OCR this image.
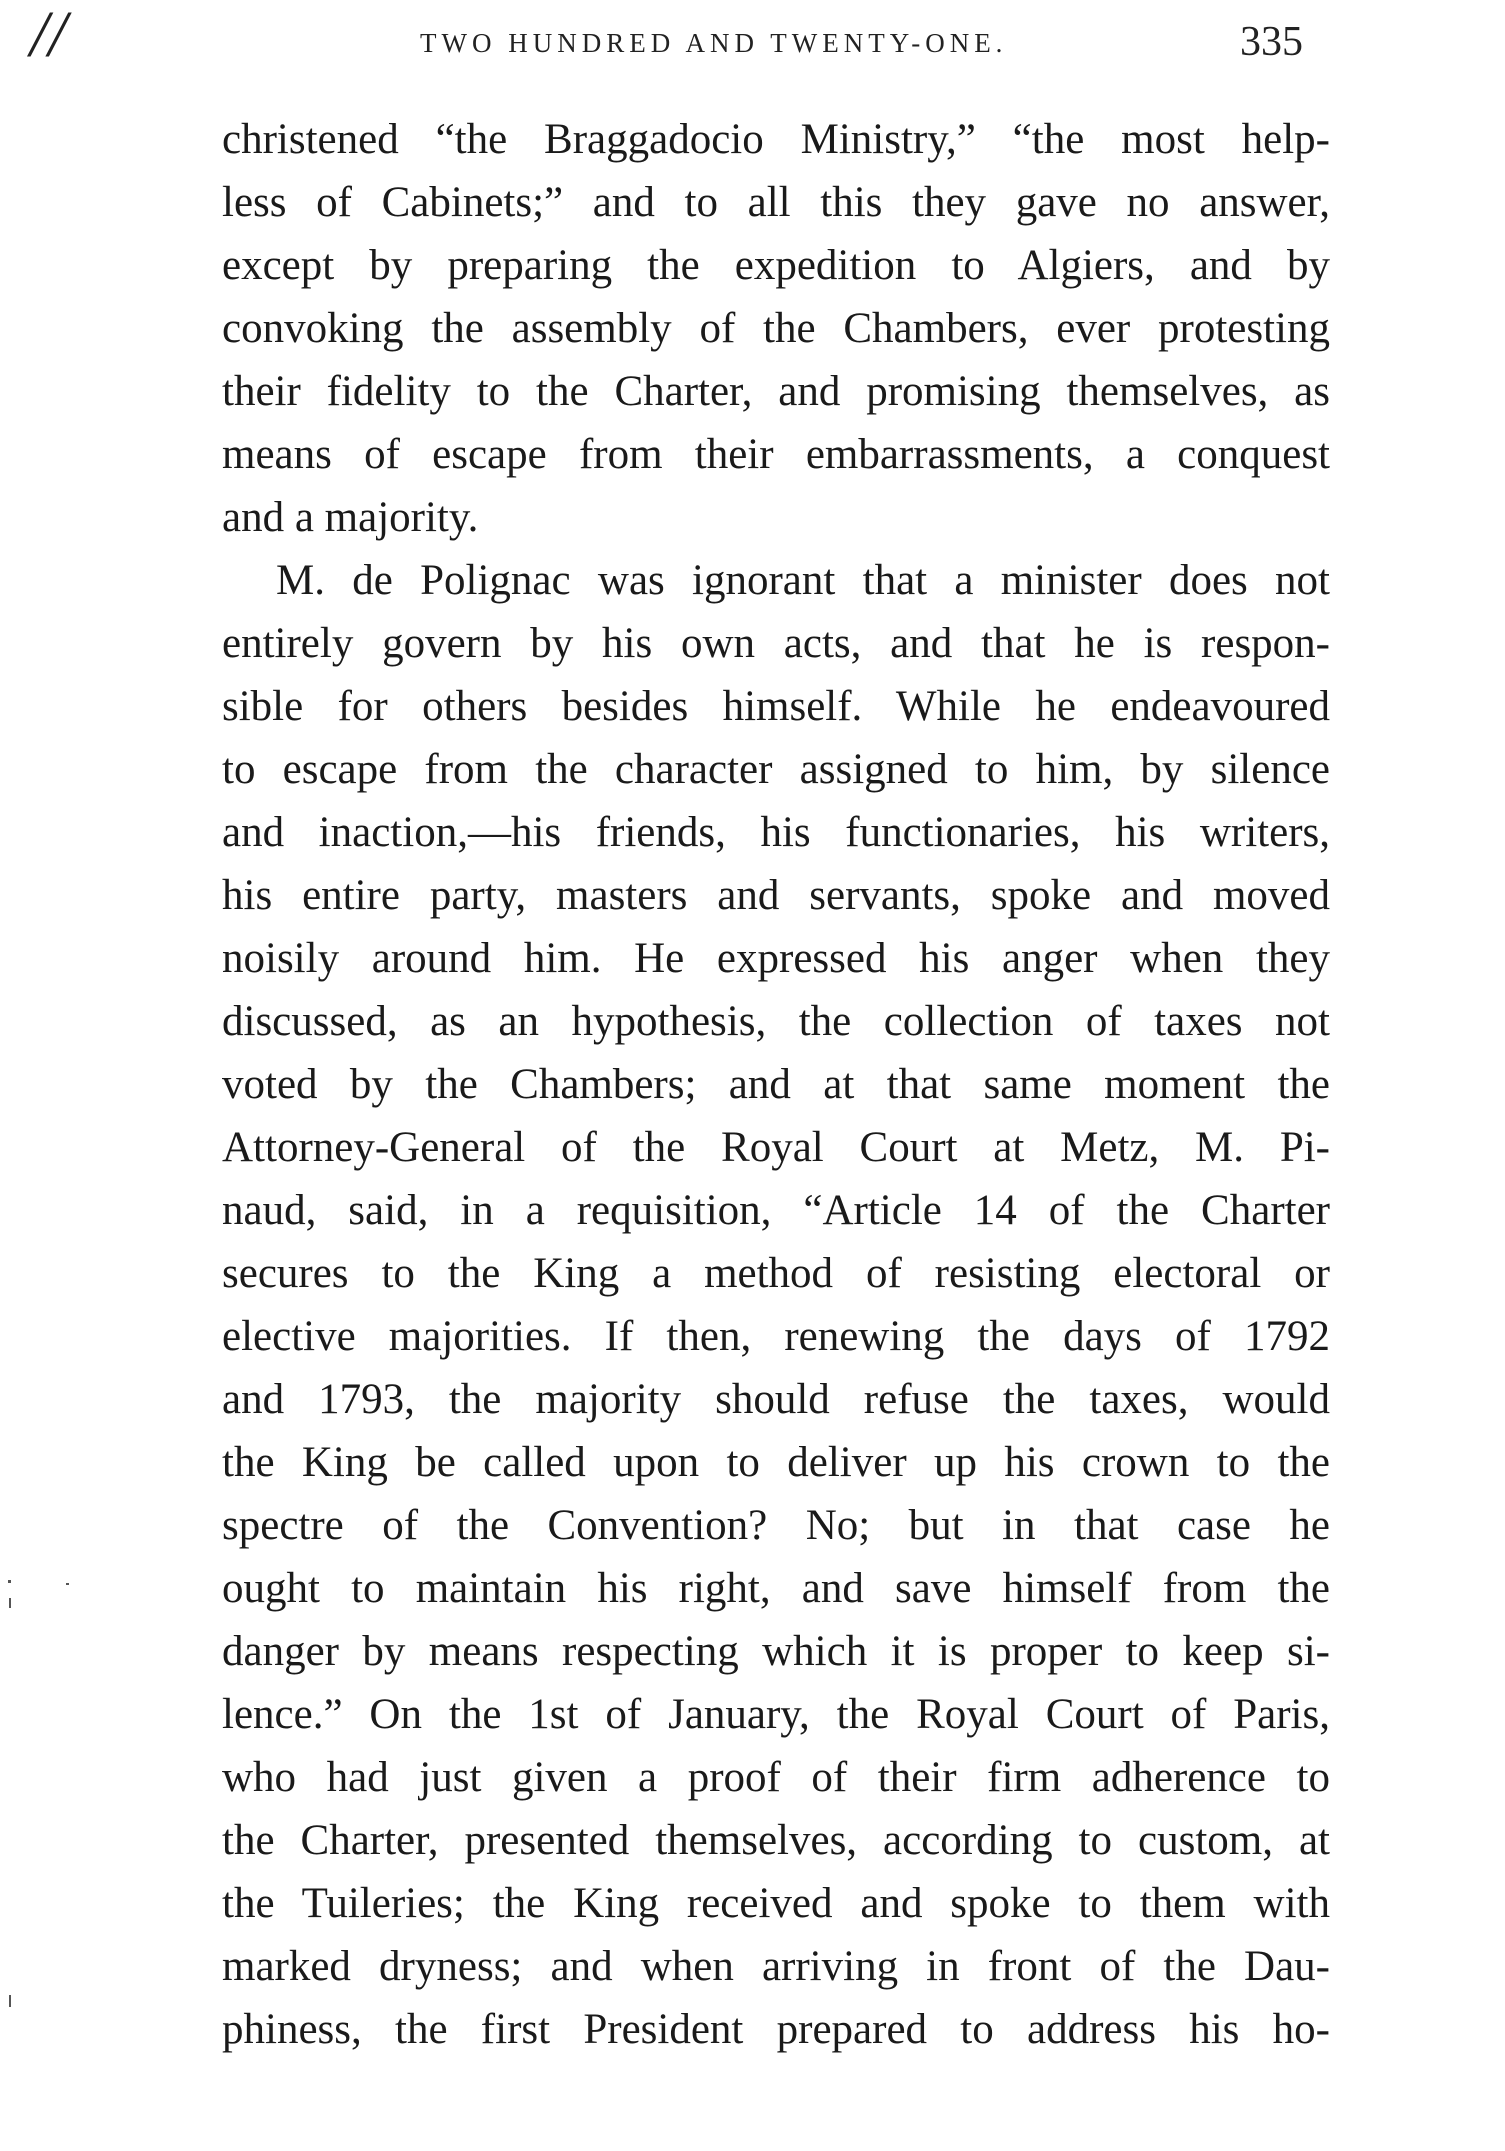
//	TWO HUNDRED AND TWENTY-ONE.	335

christened “the Braggadocio Ministry,” “the most help-
less of Cabinets;” and to all this they gave no answer,
except by preparing the expedition to Algiers, and by
convoking the assembly of the Chambers, ever protesting
their fidelity to the Charter, and promising themselves, as
means of escape from their embarrassments, a conquest
and a majority.

M. de Polignac was ignorant that a minister does not
entirely govern by his own acts, and that he is respon-
sible for others besides himself. While he endeavoured
to escape from the character assigned to him, by silence
and inaction,—his friends, his functionaries, his writers,
his entire party, masters and servants, spoke and moved
noisily around him. He expressed his anger when they
discussed, as an hypothesis, the collection of taxes not
voted by the Chambers; and at that same moment the
Attorney-General of the Royal Court at Metz, M. Pi-
naud, said, in a requisition, “Article 14 of the Charter
secures to the King a method of resisting electoral or
elective majorities. If then, renewing the days of 1792
and 1793, the majority should refuse the taxes, would
the King be called upon to deliver up his crown to the
spectre of the Convention? No; but in that case he
ought to maintain his right, and save himself from the
danger by means respecting which it is proper to keep si-
lence.” On the 1st of January, the Royal Court of Paris,
who had just given a proof of their firm adherence to
the Charter, presented themselves, according to custom, at
the Tuileries; the King received and spoke to them with
marked dryness; and when arriving in front of the Dau-
phiness, the first President prepared to address his ho-
